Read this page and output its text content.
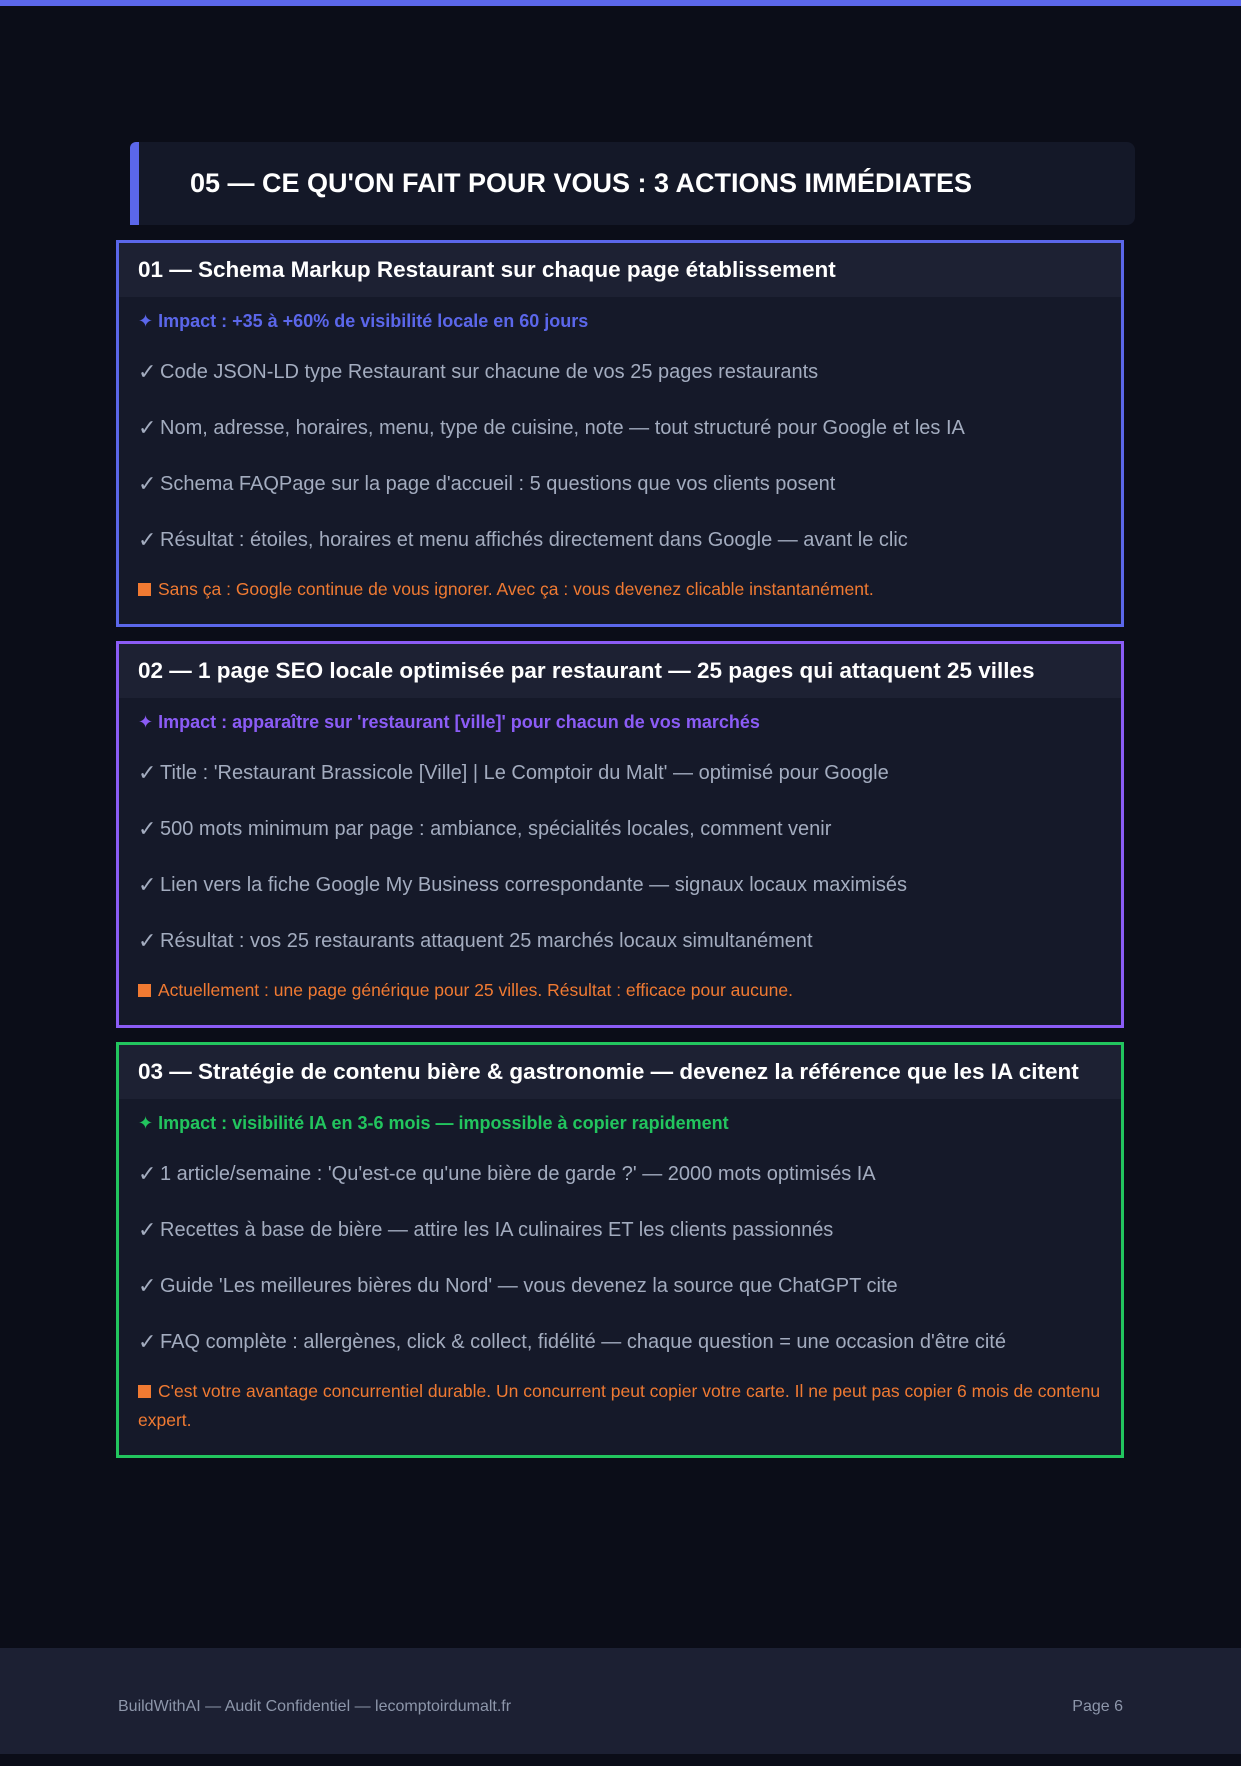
05 — CE QU'ON FAIT POUR VOUS : 3 ACTIONS IMMÉDIATES
01 — Schema Markup Restaurant sur chaque page établissement
✦ Impact : +35 à +60% de visibilité locale en 60 jours
✓ Code JSON-LD type Restaurant sur chacune de vos 25 pages restaurants
✓ Nom, adresse, horaires, menu, type de cuisine, note — tout structuré pour Google et les IA
✓ Schema FAQPage sur la page d'accueil : 5 questions que vos clients posent
✓ Résultat : étoiles, horaires et menu affichés directement dans Google — avant le clic
Sans ça : Google continue de vous ignorer. Avec ça : vous devenez clicable instantanément.
02 — 1 page SEO locale optimisée par restaurant — 25 pages qui attaquent 25 villes
✦ Impact : apparaître sur 'restaurant [ville]' pour chacun de vos marchés
✓ Title : 'Restaurant Brassicole [Ville] | Le Comptoir du Malt' — optimisé pour Google
✓ 500 mots minimum par page : ambiance, spécialités locales, comment venir
✓ Lien vers la fiche Google My Business correspondante — signaux locaux maximisés
✓ Résultat : vos 25 restaurants attaquent 25 marchés locaux simultanément
Actuellement : une page générique pour 25 villes. Résultat : efficace pour aucune.
03 — Stratégie de contenu bière & gastronomie — devenez la référence que les IA citent
✦ Impact : visibilité IA en 3-6 mois — impossible à copier rapidement
✓ 1 article/semaine : 'Qu'est-ce qu'une bière de garde ?' — 2000 mots optimisés IA
✓ Recettes à base de bière — attire les IA culinaires ET les clients passionnés
✓ Guide 'Les meilleures bières du Nord' — vous devenez la source que ChatGPT cite
✓ FAQ complète : allergènes, click & collect, fidélité — chaque question = une occasion d'être cité
C'est votre avantage concurrentiel durable. Un concurrent peut copier votre carte. Il ne peut pas copier 6 mois de contenu expert.
BuildWithAI — Audit Confidentiel — lecomptoirdumalt.fr	Page 6
